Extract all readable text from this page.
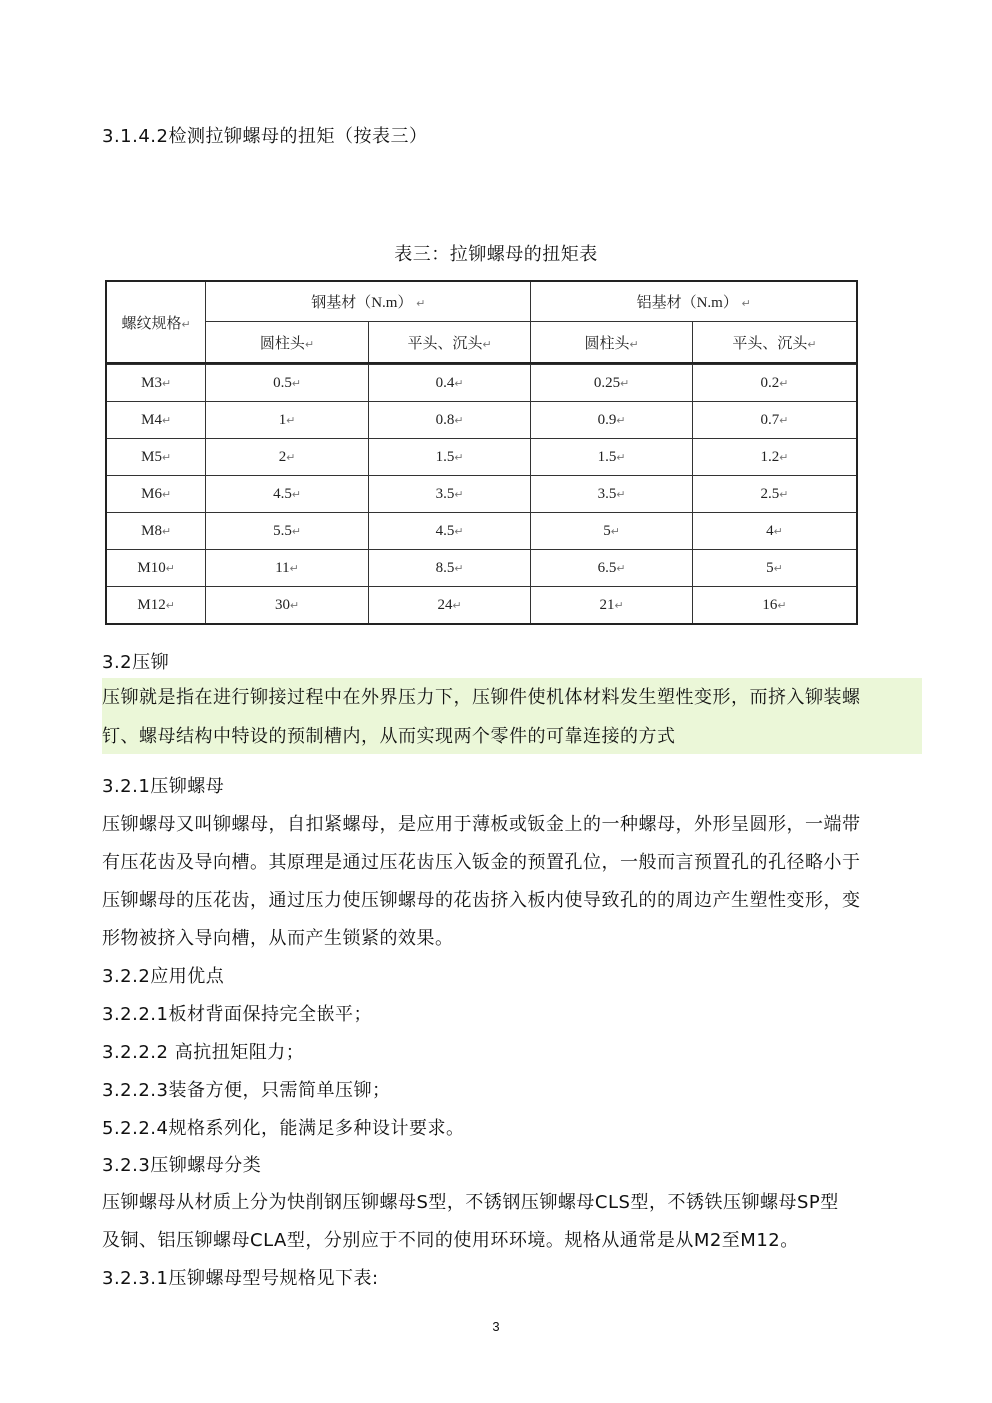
3.1.4.2检测拉铆螺母的扭矩（按表三）
表三：拉铆螺母的扭矩表
螺纹规格↵	钢基材（N.m） ↵		铝基材（N.m） ↵	
	圆柱头↵	平头、沉头↵	圆柱头↵	平头、沉头↵

M3↵	0.5↵	0.4↵	0.25↵	0.2↵
M4↵	1↵	0.8↵	0.9↵	0.7↵
M5↵	2↵	1.5↵	1.5↵	1.2↵
M6↵	4.5↵	3.5↵	3.5↵	2.5↵
M8↵	5.5↵	4.5↵	5↵	4↵
M10↵	11↵	8.5↵	6.5↵	5↵
M12↵	30↵	24↵	21↵	16↵
3.2压铆
压铆就是指在进行铆接过程中在外界压力下，压铆件使机体材料发生塑性变形，而挤入铆装螺
钉、螺母结构中特设的预制槽内，从而实现两个零件的可靠连接的方式
3.2.1压铆螺母
压铆螺母又叫铆螺母，自扣紧螺母，是应用于薄板或钣金上的一种螺母，外形呈圆形，一端带
有压花齿及导向槽。其原理是通过压花齿压入钣金的预置孔位，一般而言预置孔的孔径略小于
压铆螺母的压花齿，通过压力使压铆螺母的花齿挤入板内使导致孔的的周边产生塑性变形，变
形物被挤入导向槽，从而产生锁紧的效果。
3.2.2应用优点
3.2.2.1板材背面保持完全嵌平；
3.2.2.2 高抗扭矩阻力；
3.2.2.3装备方便，只需简单压铆；
5.2.2.4规格系列化，能满足多种设计要求。
3.2.3压铆螺母分类
压铆螺母从材质上分为快削钢压铆螺母S型，不锈钢压铆螺母CLS型，不锈铁压铆螺母SP型
及铜、铝压铆螺母CLA型，分别应于不同的使用环环境。规格从通常是从M2至M12。
3.2.3.1压铆螺母型号规格见下表:
3
